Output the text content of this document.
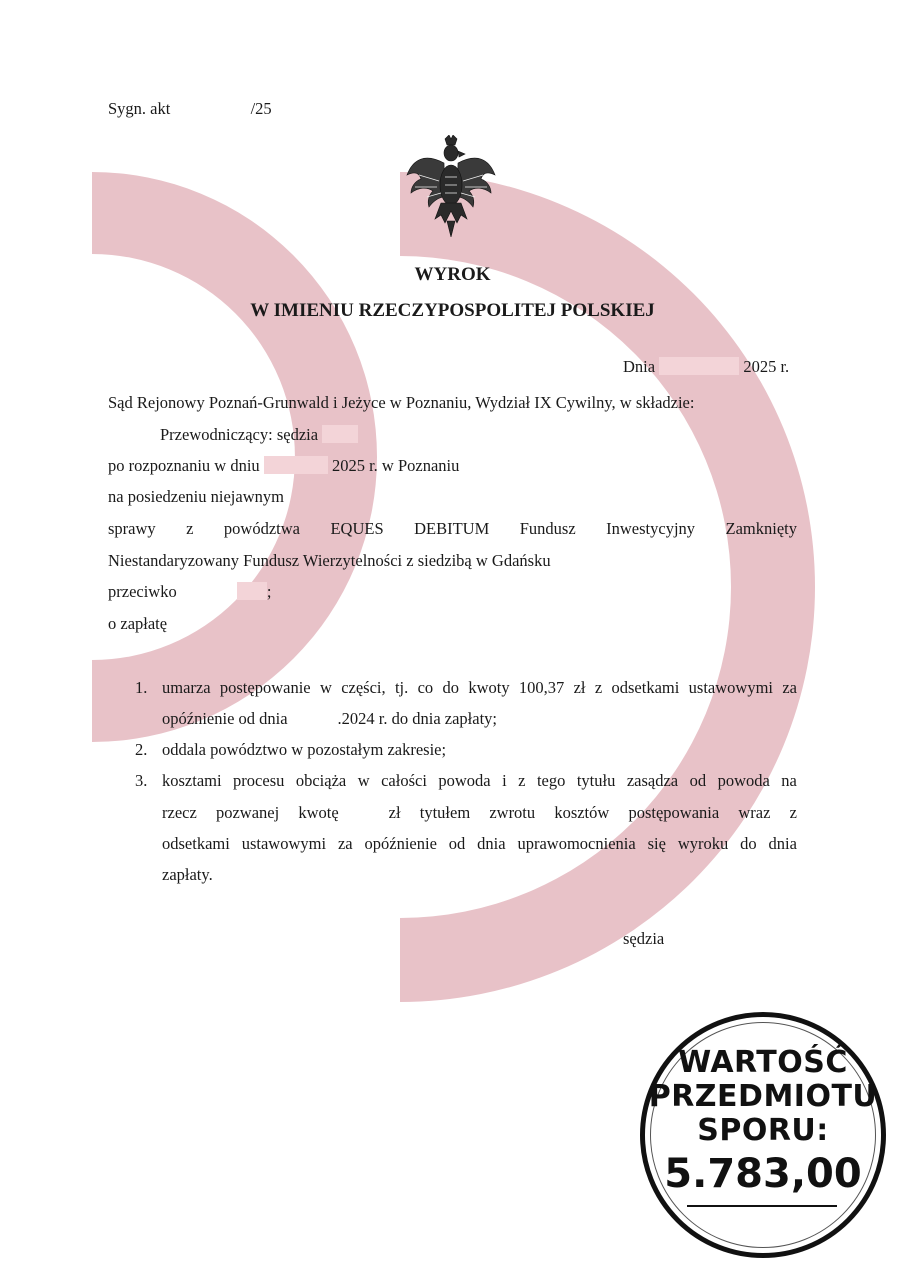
Sygn. akt	/25
WYROK
W IMIENIU RZECZYPOSPOLITEJ POLSKIEJ
Dnia	2025 r.
Sąd Rejonowy Poznań-Grunwald i Jeżyce w Poznaniu, Wydział IX Cywilny, w składzie:
Przewodniczący: sędzia
po rozpoznaniu w dniu	2025 r. w Poznaniu
na posiedzeniu niejawnym
sprawy z powództwa EQUES DEBITUM Fundusz Inwestycyjny Zamknięty
Niestandaryzowany Fundusz Wierzytelności z siedzibą w Gdańsku
przeciwko	;
o zapłatę
1. umarza postępowanie w części, tj. co do kwoty 100,37 zł z odsetkami ustawowymi za
opóźnienie od dnia	.2024 r. do dnia zapłaty;
2. oddala powództwo w pozostałym zakresie;
3. kosztami procesu obciąża w całości powoda i z tego tytułu zasądza od powoda na
rzecz pozwanej kwotę	zł tytułem zwrotu kosztów postępowania wraz z
odsetkami ustawowymi za opóźnienie od dnia uprawomocnienia się wyroku do dnia
zapłaty.
sędzia
WARTOŚĆ
PRZEDMIOTU
SPORU:
5.783,00
